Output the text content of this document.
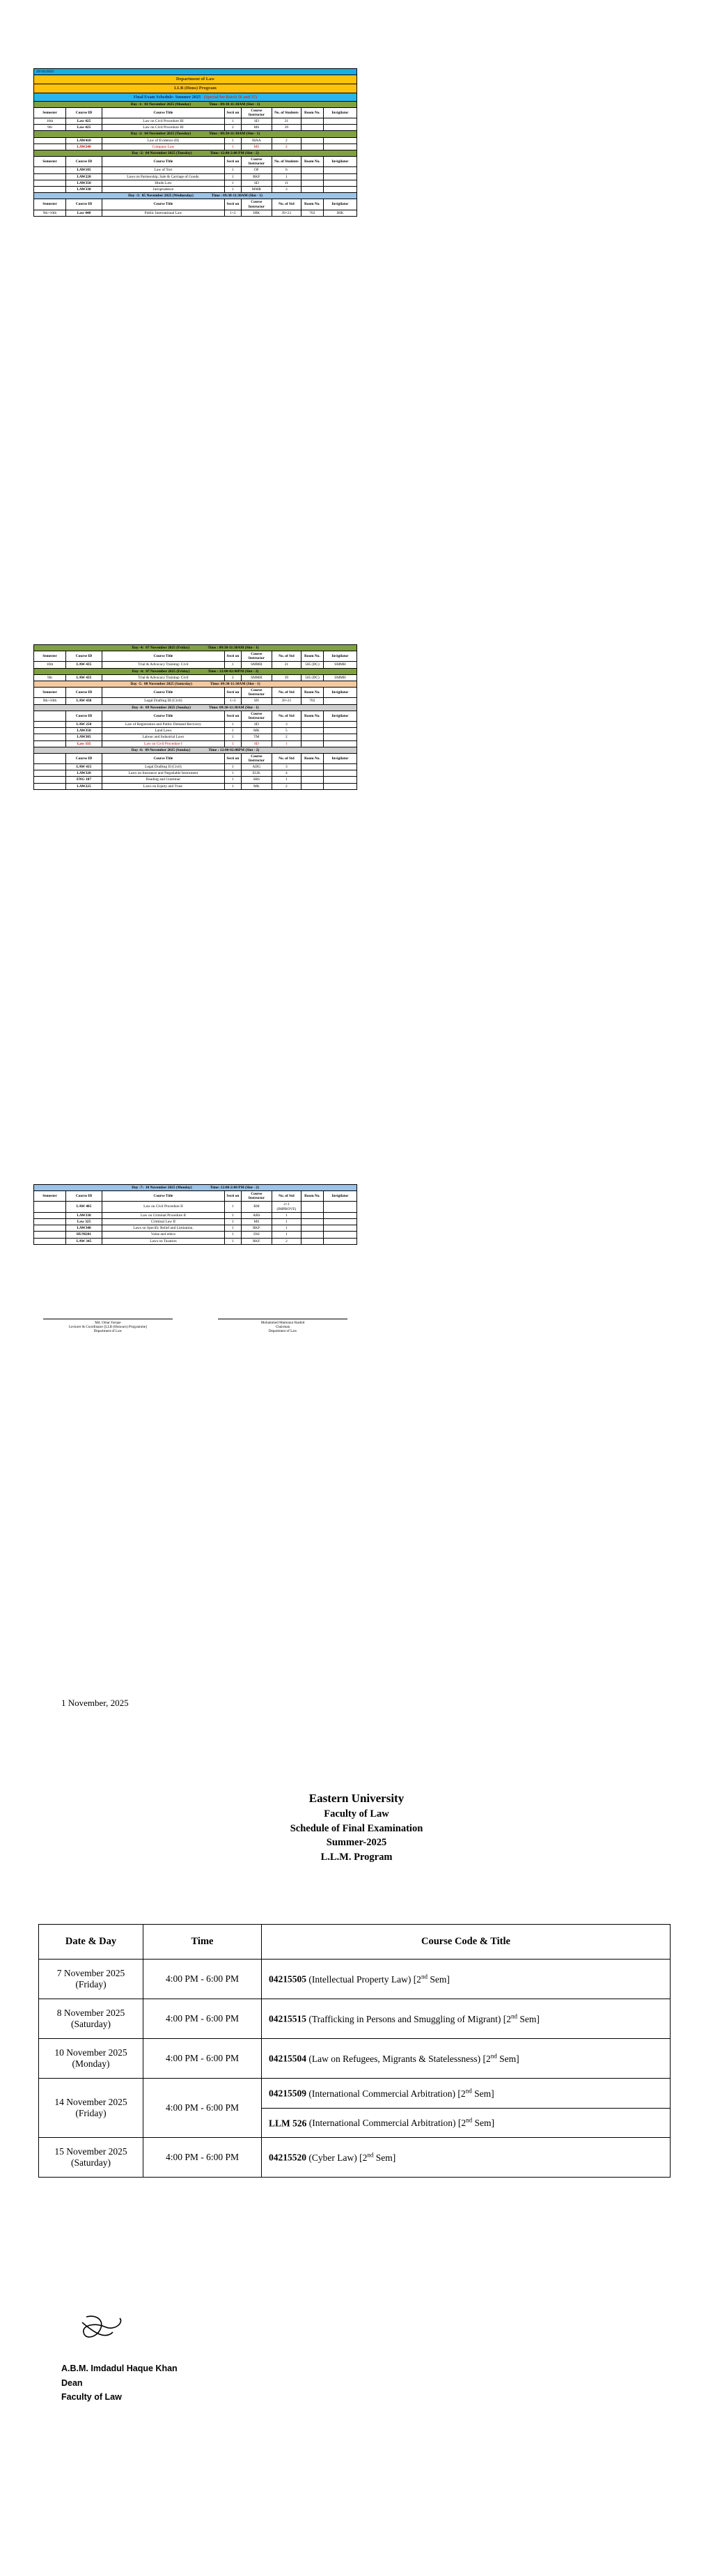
29/10/2025							
Department of Law							
LLB (Hons) Program							
Final Exam Schedule- Summer 2025   (Special for Batch 56 and 57)							
Day -1: 03 November 2025 (Monday) Time : 09:30-11:30AM (Slot - 1)							
Semester	Course ID	Course Title	Secti on	Course Instructor	No. of Students	Room No.	Invigilator
10th	Law 425	Law on Civil Procedure III	1	SD	21		
9th	Law 425	Law on Civil Procedure III	2	MS	39		
Day -2: 04 November 2025 (Tuesday) Time : 09:30-11:30AM (Slot - 1)							
	LAW410	Law of Evidence (II)	1	MAA	2		
	LAW240	Company Law	1	MS	2		
Day -2: 04 November 2025 (Tuesday) Time: 12:00-2:00 PM (Slot - 2)							
Semester	Course ID	Course Title	Secti on	Course Instructor	No. of Students	Room No.	Invigilator
	LAW105	Law of Tort	1	OF	6		
	LAW220	Laws on Partnership, Sale & Carriage of Goods.	1	RKF	1		
	LAW350	Hindu Law	1	SD	11		
	LAW330	Jurisprudence	1	MMR	3		
Day -3: 05 November 2025 (Wednesday) Time : 09:30-11:30AM (Slot - 1)							
Semester	Course ID	Course Title	Secti on	Course Instructor	No. of Std	Room No.	Invigilator
9th+10th	Law 440	Public International Law	1+2	IHK	39+21	702	IHK
Day -4: 07 November 2025 (Friday) Time : 09:30-11:30AM (Slot - 1)							
Semester	Course ID	Course Title	Secti on	Course Instructor	No. of Std	Room No.	Invigilator
10th	LAW 435	Trial & Advocacy Training- Civil	1	SMMH	21	505 (DC)	SMMH
Day -4: 07 November 2025 (Friday) Time : 12:00-02:00PM (Slot - 2)							
9th	LAW 435	Trial & Advocacy Training- Civil	2	SMMH	39	505 (DC)	SMMH
Day -5: 08 November 2025 (Saturday) Time: 09:30-11:30AM (Slot - 1)							
Semester	Course ID	Course Title	Secti on	Course Instructor	No. of Std	Room No.	Invigilator
9th+10th	LAW 430	Legal Drafting III (Civil)	1+2	SN	39+21	702	
Day -6: 09 November 2025 (Sunday) Time: 09:30-11:30AM (Slot - 1)							
	Course ID	Course Title	Secti on	Course Instructor	No. of Std	Room No.	Invigilator
	LAW 250	Law of Registration and Public Demand Recovery	1	SD	3		
	LAW350	Land Laws	1	MK	5		
	LAW305	Labour and Industrial Laws	1	TM	2		
	Law 335	Law on Civil Procedure I	1	SD	1		
Day -6: 09 November 2025 (Sunday) Time : 12:00-02:00PM (Slot - 2)							
	Course ID	Course Title	Secti on	Course Instructor	No. of Std	Room No.	Invigilator
	LAW 415	Legal Drafting II (Civil)	1	ADG	3		
	LAW320	Laws on Insurance and Negotiable Instrument	1	EUK	4		
	ENG 107	Reading and Grammar	1	SRS	1		
	LAW225	Laws on Equity and Trust.	1	MK	2		
Day -7: 10 November 2025 (Monday) Time: 12:00-2:00 PM (Slot - 2)							
Semester	Course ID	Course Title	Secti on	Course Instructor	No. of Std	Room No.	Invigilator
	LAW 405	Law on Civil Procedure II	1	RM	2+1 (IMPROVE)		
	LAW330	Law on Criminal Procedure II	1	ARS	1		
	Law 325	Criminal Law II	1	MS	1		
	LAW340	Laws on Specific Relief and Limitation.	1	RKF	1		
	HUM201	Value and ethics	1	DSI	1		
	LAW 345	Laws on Taxation	1	RKF	2		
1 November, 2025
Eastern University
Faculty of Law
Schedule of Final Examination
Summer-2025
L.L.M. Program
Date & Day	Time	Course Code & Title
7 November 2025
(Friday)	4:00 PM - 6:00 PM	04215505 (Intellectual Property Law) [2nd Sem]
8 November 2025
(Saturday)	4:00 PM - 6:00 PM	04215515 (Trafficking in Persons and Smuggling of Migrant) [2nd Sem]
10 November 2025
(Monday)	4:00 PM - 6:00 PM	04215504 (Law on Refugees, Migrants & Statelessness) [2nd Sem]
14 November 2025
(Friday)	4:00 PM - 6:00 PM	04215509 (International Commercial Arbitration) [2nd Sem]
		LLM 526 (International Commercial Arbitration) [2nd Sem]
15 November 2025
(Saturday)	4:00 PM - 6:00 PM	04215520 (Cyber Law) [2nd Sem]
A.B.M. Imdadul Haque Khan
Dean
Faculty of Law
Md. Omar Farque
Lecturer & Coordinator [LLB (Honours) Programme]
Department of Law
Mohammed Mamunur Rashid
Chairman
Department of Law
